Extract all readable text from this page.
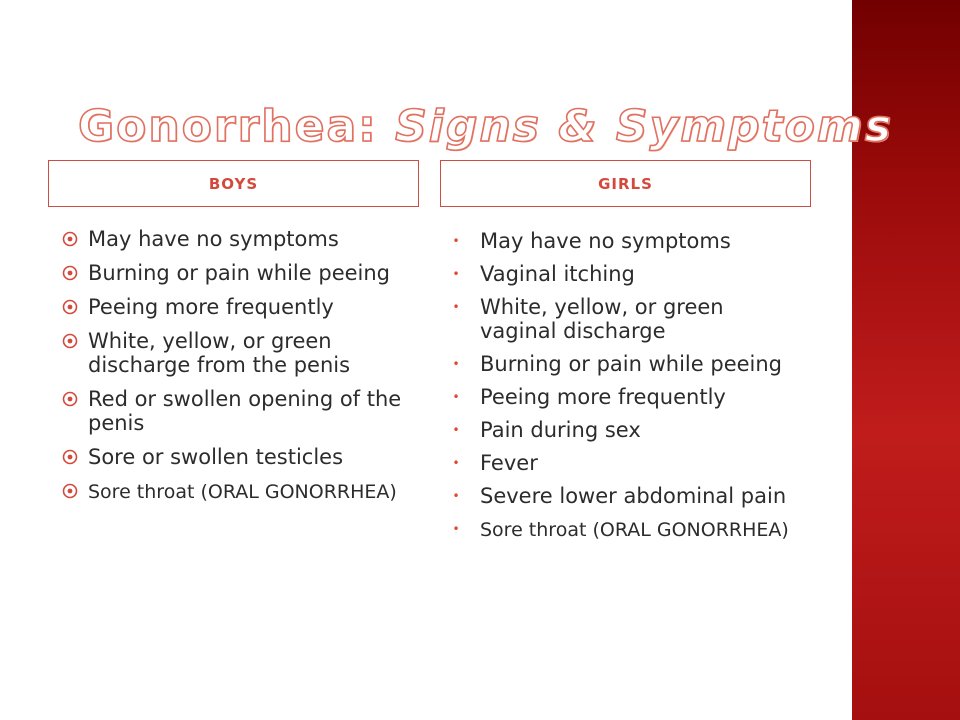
Gonorrhea: Signs & Symptoms
BOYS	GIRLS
May have no symptoms
Burning or pain while peeing
Peeing more frequently
White, yellow, or green discharge from the penis
Red or swollen opening of the penis
Sore or swollen testicles
Sore throat (ORAL GONORRHEA)
• May have no symptoms
• Vaginal itching
• White, yellow, or green vaginal discharge
• Burning or pain while peeing
• Peeing more frequently
• Pain during sex
• Fever
• Severe lower abdominal pain
• Sore throat (ORAL GONORRHEA)
